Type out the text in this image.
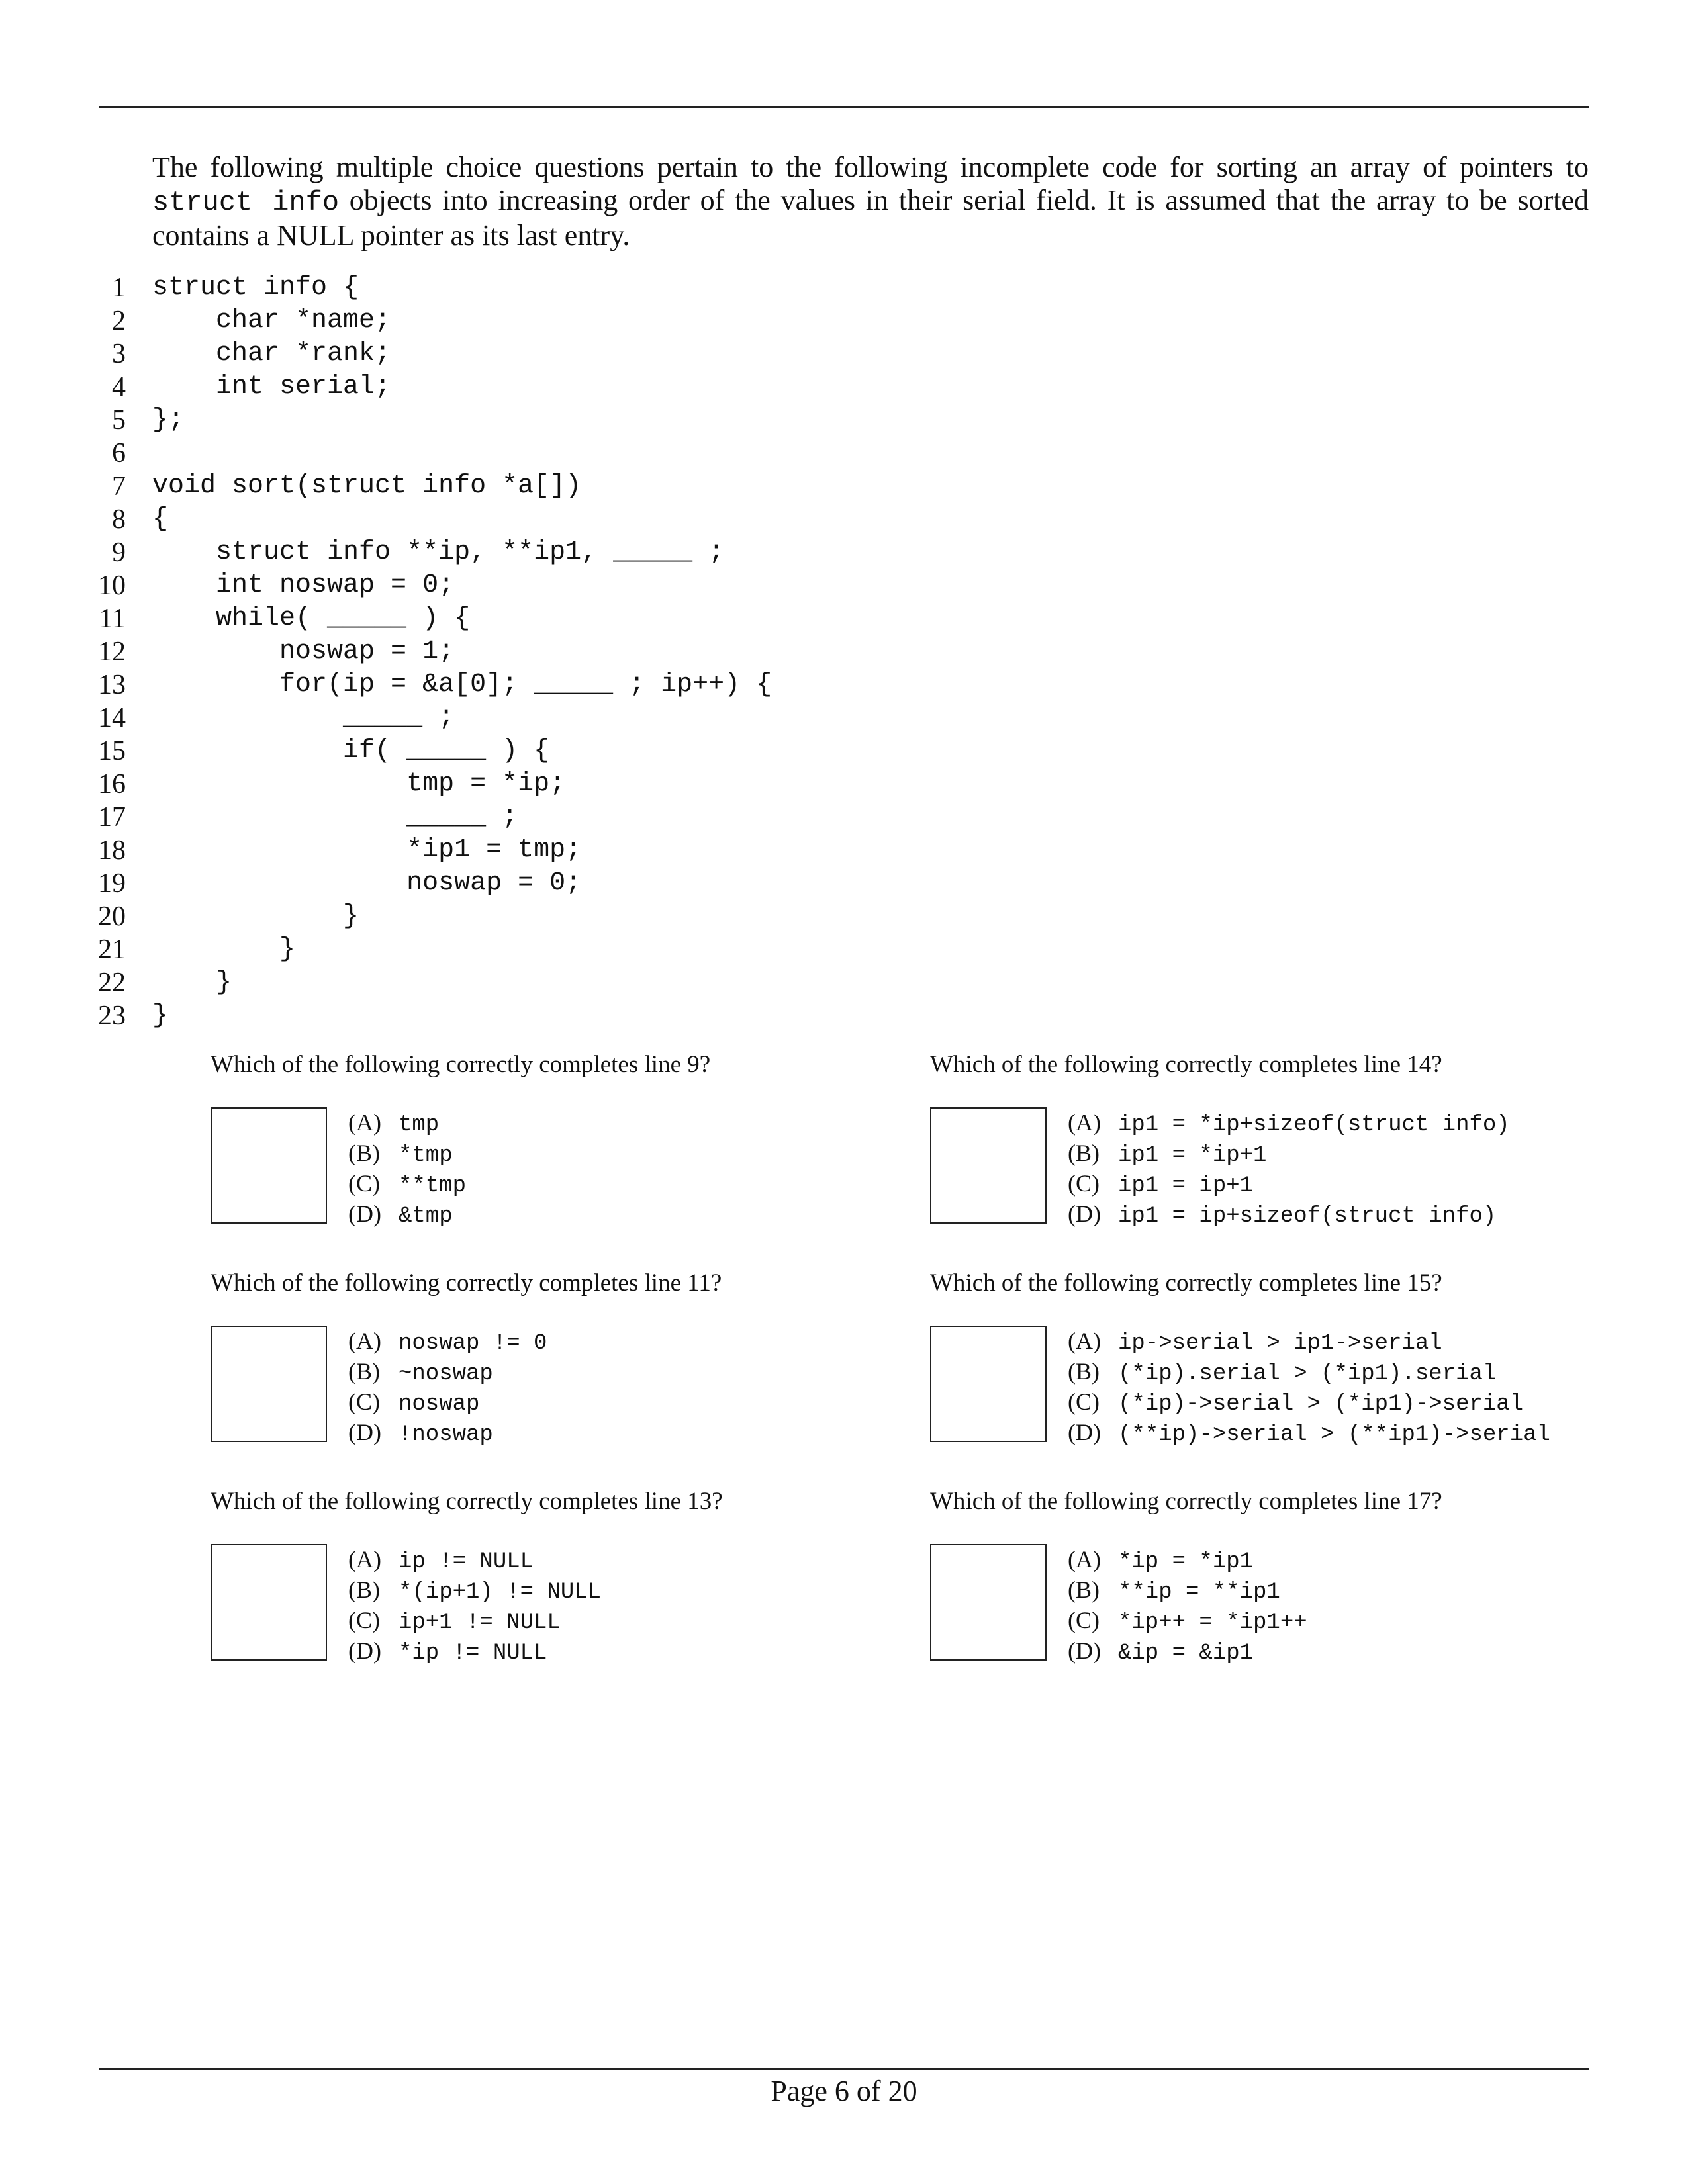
The following multiple choice questions pertain to the following incomplete code for sorting an array of pointers to struct info objects into increasing order of the values in their serial field. It is assumed that the array to be sorted contains a NULL pointer as its last entry.
1 struct info {
2 char *name;
3 char *rank;
4 int serial;
5 };
6
7 void sort(struct info *a[])
8 {
9 struct info **ip, **ip1, _____ ;
10 int noswap = 0;
11 while( _____ ) {
12 noswap = 1;
13 for(ip = &a[0]; _____ ; ip++) {
14 _____ ;
15 if( _____ ) {
16 tmp = *ip;
17 _____ ;
18 *ip1 = tmp;
19 noswap = 0;
20 }
21 }
22 }
23 }

Which of the following correctly completes line 9?

(A) tmp
(B) *tmp
(C) **tmp
(D) &tmp

Which of the following correctly completes line 14?

(A) ip1 = *ip+sizeof(struct info)
(B) ip1 = *ip+1
(C) ip1 = ip+1
(D) ip1 = ip+sizeof(struct info)

Which of the following correctly completes line 11?

(A) noswap != 0
(B) ~noswap
(C) noswap
(D) !noswap

Which of the following correctly completes line 15?

(A) ip->serial > ip1->serial
(B) (*ip).serial > (*ip1).serial
(C) (*ip)->serial > (*ip1)->serial
(D) (**ip)->serial > (**ip1)->serial

Which of the following correctly completes line 13?

(A) ip != NULL
(B) *(ip+1) != NULL
(C) ip+1 != NULL
(D) *ip != NULL

Which of the following correctly completes line 17?

(A) *ip = *ip1
(B) **ip = **ip1
(C) *ip++ = *ip1++
(D) &ip = &ip1
Page 6 of 20
